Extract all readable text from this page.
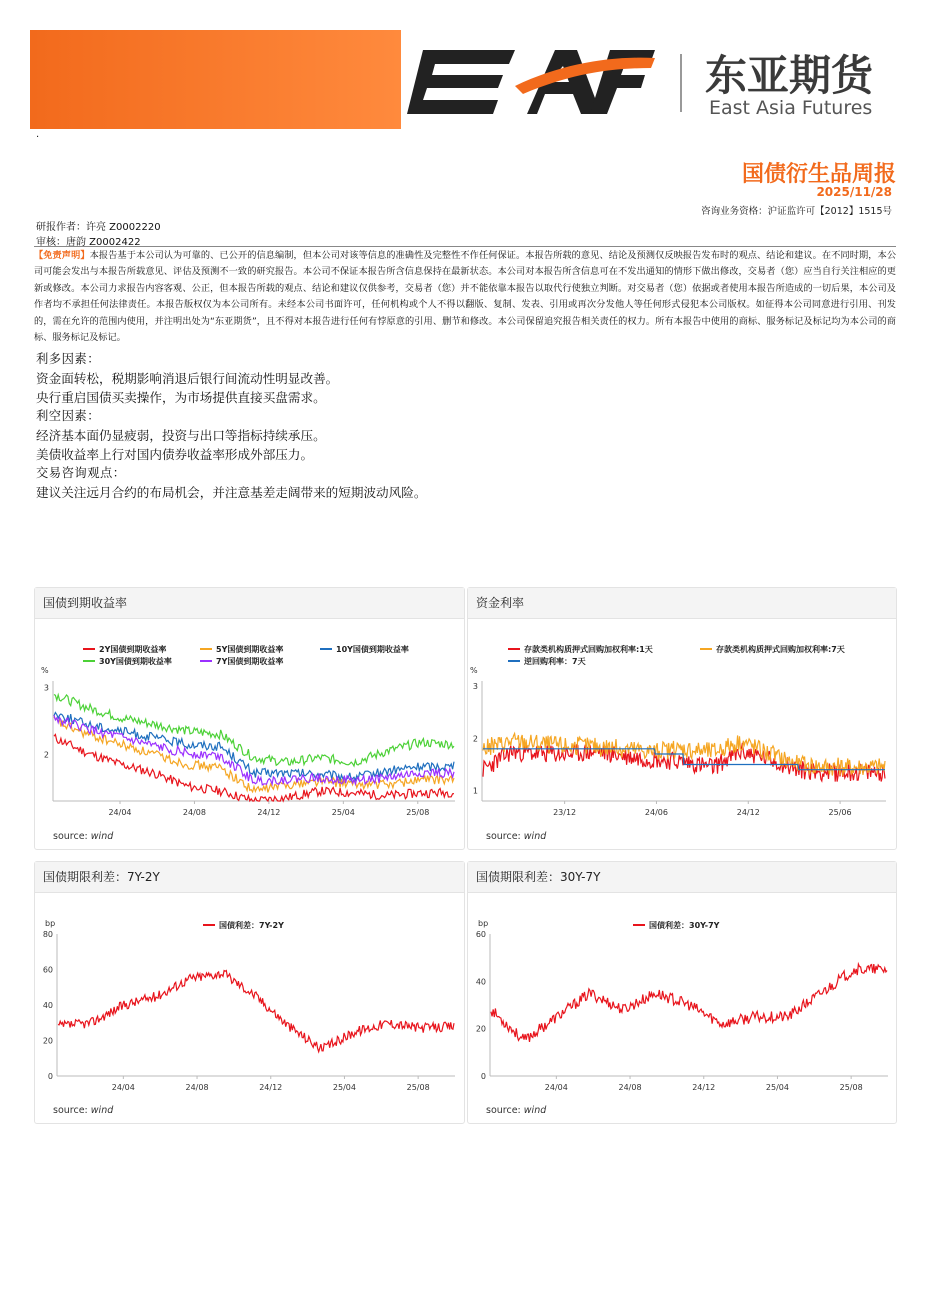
东亚期货
East Asia Futures
·
国债衍生品周报
2025/11/28
咨询业务资格：沪证监许可【2012】1515号
研报作者：许亮 Z0002220
审核：唐韵 Z0002422
【免责声明】本报告基于本公司认为可靠的、已公开的信息编制，但本公司对该等信息的准确性及完整性不作任何保证。本报告所载的意见、结论及预测仅反映报告发布时的观点、结论和建议。在不同时期，本公司可能会发出与本报告所载意见、评估及预测不一致的研究报告。本公司不保证本报告所含信息保持在最新状态。本公司对本报告所含信息可在不发出通知的情形下做出修改，交易者（您）应当自行关注相应的更新或修改。本公司力求报告内容客观、公正，但本报告所载的观点、结论和建议仅供参考，交易者（您）并不能依靠本报告以取代行使独立判断。对交易者（您）依据或者使用本报告所造成的一切后果，本公司及作者均不承担任何法律责任。本报告版权仅为本公司所有。未经本公司书面许可，任何机构或个人不得以翻版、复制、发表、引用或再次分发他人等任何形式侵犯本公司版权。如征得本公司同意进行引用、刊发的，需在允许的范围内使用，并注明出处为“东亚期货”，且不得对本报告进行任何有悖原意的引用、删节和修改。本公司保留追究报告相关责任的权力。所有本报告中使用的商标、服务标记及标记均为本公司的商标、服务标记及标记。
利多因素：
资金面转松，税期影响消退后银行间流动性明显改善。
央行重启国债买卖操作，为市场提供直接买盘需求。
利空因素：
经济基本面仍显疲弱，投资与出口等指标持续承压。
美债收益率上行对国内债券收益率形成外部压力。
交易咨询观点：
建议关注远月合约的布局机会，并注意基差走阔带来的短期波动风险。
国债到期收益率
%
2
3
24/04	24/08	24/12	25/04	25/08
2Y国债到期收益率	5Y国债到期收益率	10Y国债到期收益率
30Y国债到期收益率	7Y国债到期收益率
source: wind
资金利率
%
1
2
3
23/12	24/06	24/12	25/06
存款类机构质押式回购加权利率:1天	存款类机构质押式回购加权利率:7天
逆回购利率：7天
source: wind
国债期限利差：7Y-2Y
bp
0
20
40
60
80
24/04	24/08	24/12	25/04	25/08
国债利差：7Y-2Y
source: wind
国债期限利差：30Y-7Y
bp
0
20
40
60
24/04	24/08	24/12	25/04	25/08
国债利差：30Y-7Y
source: wind
